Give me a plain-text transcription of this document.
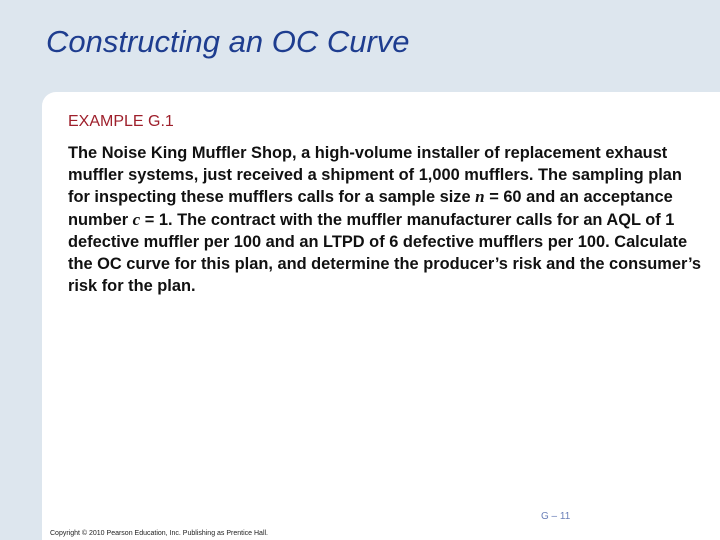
Constructing an OC Curve
EXAMPLE G.1

The Noise King Muffler Shop, a high-volume installer of replacement exhaust muffler systems, just received a shipment of 1,000 mufflers. The sampling plan for inspecting these mufflers calls for a sample size n = 60 and an acceptance number c = 1. The contract with the muffler manufacturer calls for an AQL of 1 defective muffler per 100 and an LTPD of 6 defective mufflers per 100. Calculate the OC curve for this plan, and determine the producer’s risk and the consumer’s risk for the plan.

G – 11
Copyright © 2010 Pearson Education, Inc. Publishing as Prentice Hall.
